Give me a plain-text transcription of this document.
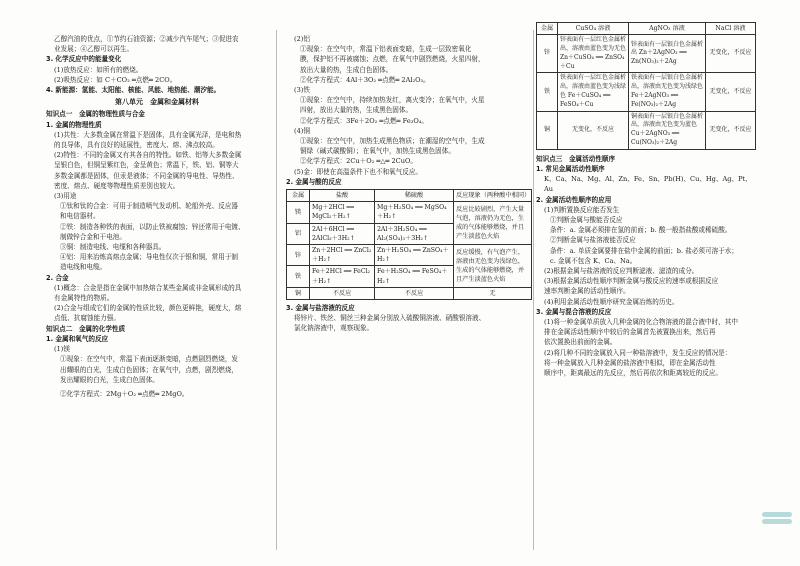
乙醇汽油的优点，①节约石油资源；②减少汽车尾气；③促进农

业发展；④乙醇可以再生。

3. 化学反应中的能量变化

(1)放热反应：如所有的燃烧。

(2)吸热反应：如 C＋CO₂ ═点燃═ 2CO。

4. 新能源：氢能、太阳能、核能、风能、地热能、潮汐能。

第八单元　金属和金属材料

知识点一　金属的物理性质与合金

1. 金属的物理性质

(1)共性：大多数金属在常温下是固体，具有金属光泽，是电和热

的良导体，具有良好的延展性，密度大、熔、沸点较高。

(2)特性：不同的金属又有其各自的特性。如铁、铝等大多数金属

呈银白色，但铜呈紫红色，金呈黄色；常温下，铁、铝、铜等大

多数金属都是固体，但汞是液体；不同金属的导电性、导热性、

密度、熔点、硬度等物理性质差别也较大。

(3)用途

①钛和钛的合金：可用于制造喷气发动机、轮船外壳、反应器

和电信器材。

②铁：制造各种铁的表面，以防止铁被腐蚀；锌还常用于电镀、

制做锌合金和干电池。

③铜：制造电线、电缆和各种器具。

④铝：用来冶炼高熔点金属；导电性仅次于银和铜，常用于制

造电线和电缆。

2. 合金

(1)概念：合金是指在金属中加热熔合某些金属或非金属形成的具

有金属特性的物质。

(2)合金与组成它们的金属的性质比较，颜色更鲜艳，硬度大，熔

点低、抗腐蚀能力强。

知识点二　金属的化学性质

1. 金属和氧气的反应

(1)镁

①现象：在空气中，常温下表面逐渐变暗，点燃剧烈燃烧，发

出耀眼的白光，生成白色固体；在氧气中，点燃，剧烈燃烧，

发出耀眼的白光，生成白色固体。

②化学方程式：2Mg＋O₂ ═点燃═ 2MgO。

(2)铝

①现象：在空气中，常温下铝表面变暗，生成一层致密氧化

膜，保护铝不再被腐蚀；点燃，在氧气中剧烈燃烧，火星四射，

放出大量的热，生成白色固体。

②化学方程式：4Al＋3O₂ ═点燃═ 2Al₂O₃。

(3)铁

①现象：在空气中，持续加热发红，离火变冷；在氧气中，火星

四射，放出大量的热，生成黑色固体。

②化学方程式：3Fe＋2O₂ ═点燃═ Fe₃O₄。

(4)铜

①现象：在空气中，加热生成黑色物质；在潮湿的空气中，生成

铜绿（碱式碳酸铜）；在氧气中，加热生成黑色固体。

②化学方程式：2Cu＋O₂ ═△═ 2CuO。

(5)金：即使在高温条件下也不和氧气反应。

2. 金属与酸的反应

金属	盐酸	稀硫酸	反应现象（两种酸中相同）
镁	Mg＋2HCl ══ MgCl₂＋H₂↑	Mg＋H₂SO₄ ══ MgSO₄＋H₂↑	反应比较剧烈，产生大量气泡，溶液仍为无色，生成的气体能够燃烧，并且产生淡蓝色火焰
铝	2Al＋6HCl ══ 2AlCl₃＋3H₂↑	2Al＋3H₂SO₄ ══ Al₂(SO₄)₃＋3H₂↑	
锌	Zn＋2HCl ══ ZnCl₂＋H₂↑	Zn＋H₂SO₄ ══ ZnSO₄＋H₂↑	反应缓慢，有气泡产生，溶液由无色变为浅绿色，生成的气体能够燃烧，并且产生淡蓝色火焰
铁	Fe＋2HCl ══ FeCl₂＋H₂↑	Fe＋H₂SO₄ ══ FeSO₄＋H₂↑	
铜	不反应	不反应	无

3. 金属与盐溶液的反应

将锌片、铁丝、铜丝三种金属分别放入硫酸铜溶液、硝酸银溶液、

氯化钠溶液中，观察现象。

金属	CuSO₄ 溶液	AgNO₃ 溶液	NaCl 溶液
锌	锌表面有一层红色金属析出，溶液由蓝色变为无色 Zn＋CuSO₄ ══ ZnSO₄＋Cu	锌表面有一层银白色金属析出 Zn＋2AgNO₃ ══ Zn(NO₃)₂＋2Ag	无变化，不反应
铁	铁表面有一层红色金属析出，溶液由蓝色变为浅绿色 Fe＋CuSO₄ ══ FeSO₄＋Cu	铁表面有一层银白色金属析出，溶液由无色变为浅绿色 Fe＋2AgNO₃ ══ Fe(NO₃)₂＋2Ag	无变化，不反应
铜	无变化，不反应	铜表面有一层银白色金属析出，溶液由无色变为蓝色 Cu＋2AgNO₃ ══ Cu(NO₃)₂＋2Ag	无变化，不反应

知识点三　金属活动性顺序

1. 常见金属活动性顺序

K、Ca、Na、Mg、Al、Zn、Fe、Sn、Pb(H)、Cu、Hg、Ag、Pt、Au

2. 金属活动性顺序的应用

(1)判断置换反应能否发生

①判断金属与酸能否反应

条件：a. 金属必须排在氢的前面；b. 酸一般指盐酸或稀硫酸。

②判断金属与盐溶液能否反应

条件：a. 单质金属要排在盐中金属的前面；b. 盐必须可溶于水；

c. 金属不包含 K、Ca、Na。

(2)根据金属与盐溶液的反应判断滤液、滤渣的成分。

(3)根据金属活动性顺序判断金属与酸反应的速率或根据反应

速率判断金属的活动性顺序。

(4)利用金属活动性顺序研究金属冶炼的历史。

3. 金属与混合溶液的反应

(1)将一种金属单质放入几种金属的化合物溶液的混合液中时，其中

排在金属活动性顺序中较后的金属首先被置换出来，然后再

依次置换出前面的金属。

(2)将几种不同的金属放入同一种盐溶液中，发生反应的情况是：

将一种金属放入几种金属的盐溶液中相似，即在金属活动性

顺序中，距离最远的先反应，然后再依次和距离较近的反应。
